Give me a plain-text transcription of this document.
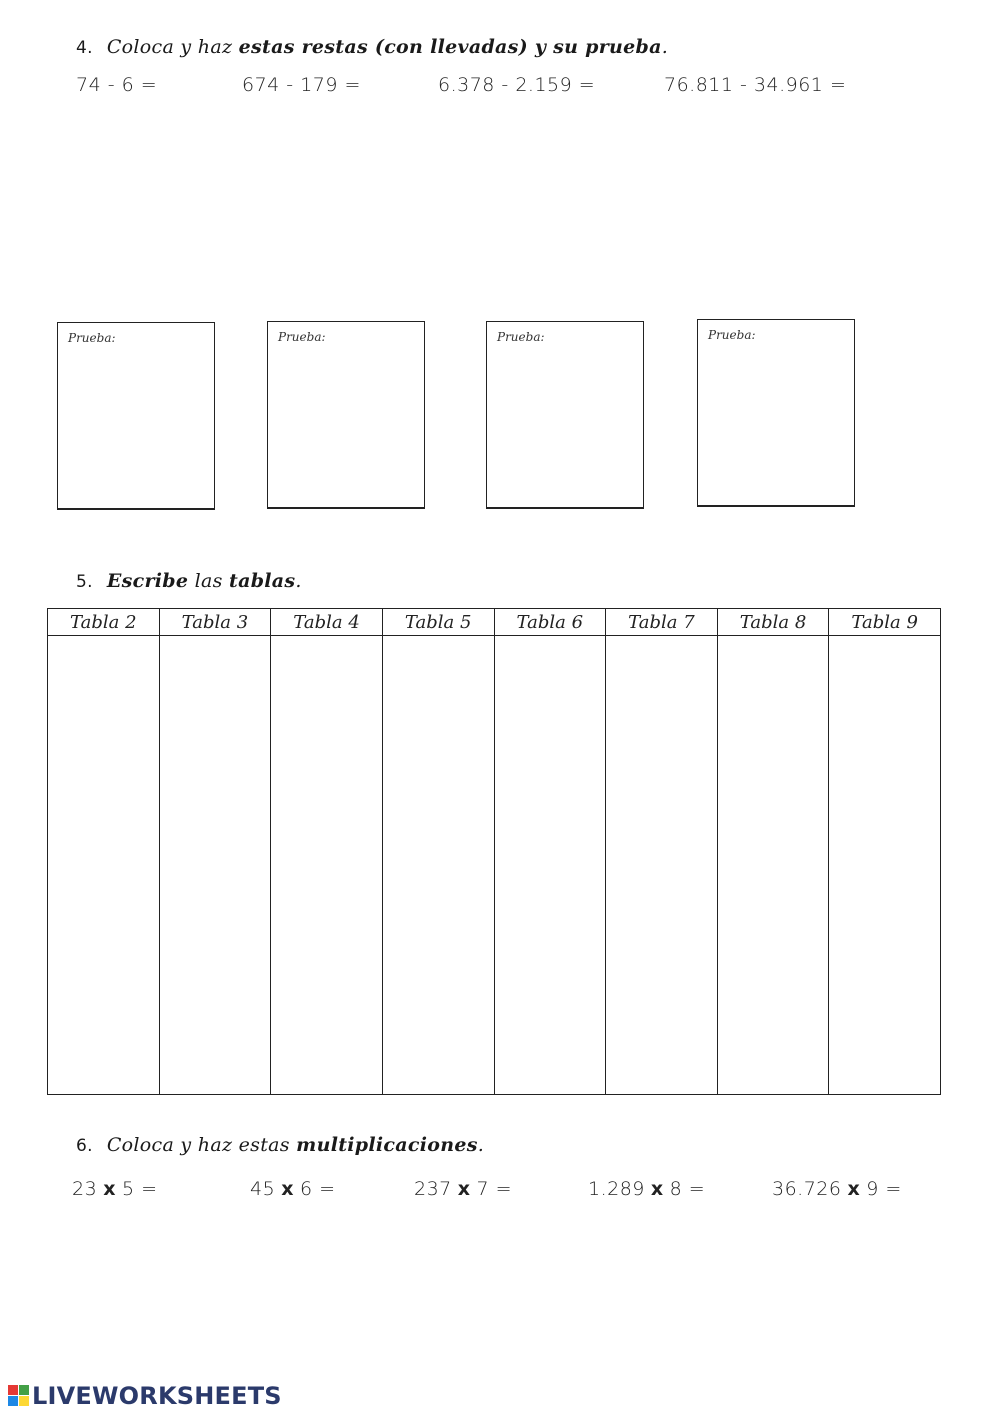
4. Coloca y haz estas restas (con llevadas) y su prueba.
74 - 6 =	674 - 179 =	6.378 - 2.159 =	76.811 - 34.961 =
Prueba:	Prueba:	Prueba:	Prueba:
5. Escribe las tablas.
Tabla 2	Tabla 3	Tabla 4	Tabla 5	Tabla 6	Tabla 7	Tabla 8	Tabla 9

6. Coloca y haz estas multiplicaciones.
23 x 5 =	45 x 6 =	237 x 7 =	1.289 x 8 =	36.726 x 9 =
LIVEWORKSHEETS
